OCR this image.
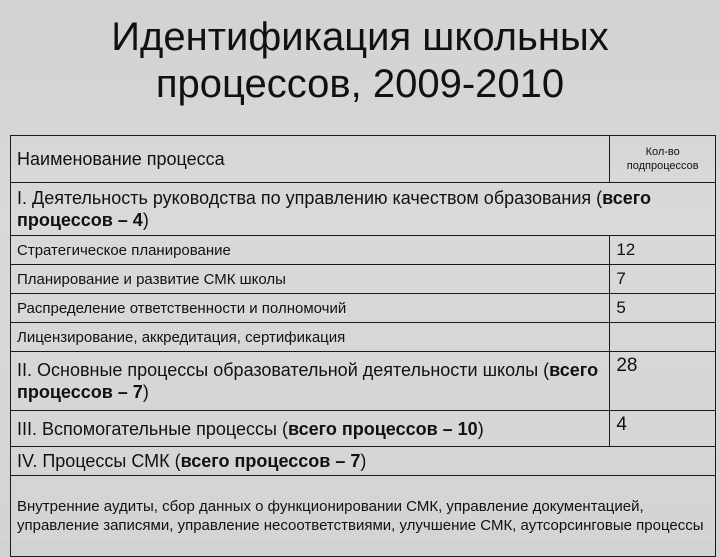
Идентификация школьных
процессов, 2009-2010
Наименование процесса	Кол-во
подпроцессов
I. Деятельность руководства по управлению качеством образования (всего процессов – 4)	
Стратегическое планирование	12
Планирование и развитие СМК школы	7
Распределение ответственности и полномочий	5
Лицензирование, аккредитация, сертификация	
II. Основные процессы образовательной деятельности школы (всего процессов – 7)	28
III. Вспомогательные процессы (всего процессов – 10)	4
IV. Процессы СМК (всего процессов – 7)	
Внутренние аудиты, сбор данных о функционировании СМК, управление документацией, управление записями, управление несоответствиями, улучшение СМК, аутсорсинговые процессы	
